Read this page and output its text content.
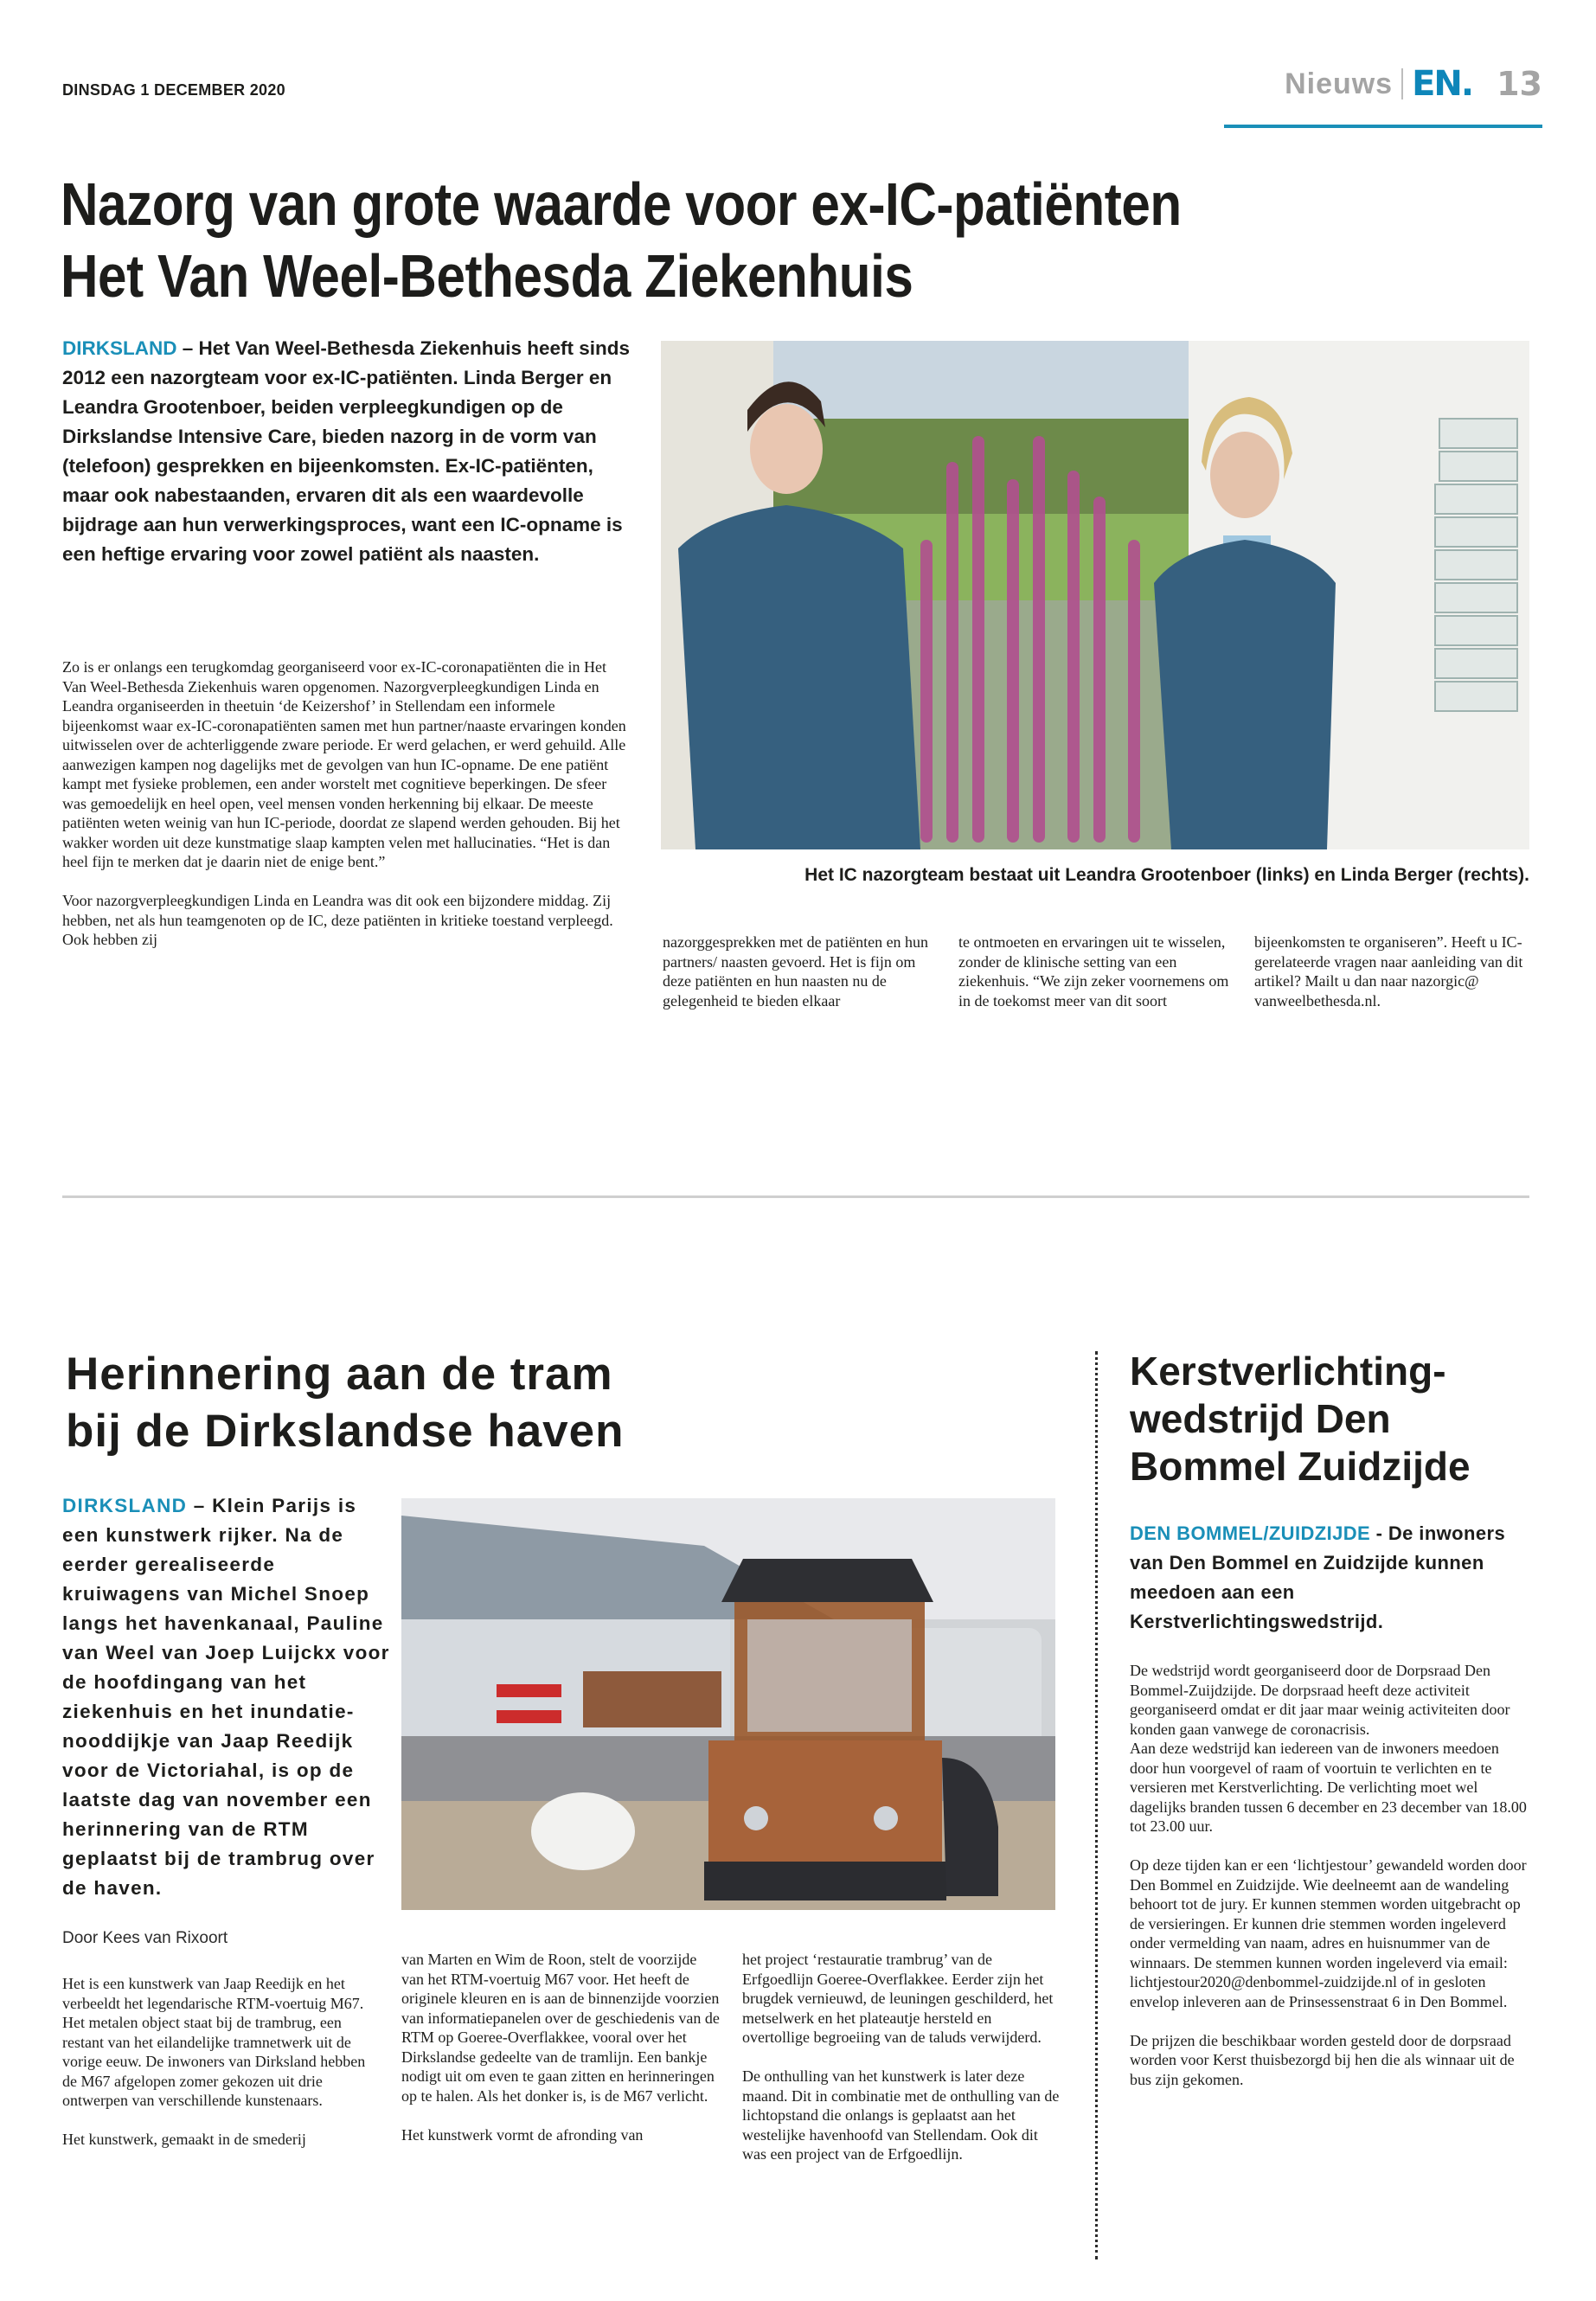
DINSDAG 1 DECEMBER 2020	Nieuws EN. 13
Nazorg van grote waarde voor ex-IC-patiënten
Het Van Weel-Bethesda Ziekenhuis
DIRKSLAND – Het Van Weel-Bethesda Ziekenhuis heeft sinds 2012 een nazorgteam voor ex-IC-patiënten. Linda Berger en Leandra Grootenboer, beiden verpleegkundigen op de Dirkslandse Intensive Care, bieden nazorg in de vorm van (telefoon) gesprekken en bijeenkomsten. Ex-IC-patiënten, maar ook nabestaanden, ervaren dit als een waardevolle bijdrage aan hun verwerkingsproces, want een IC-opname is een heftige ervaring voor zowel patiënt als naasten.
Het IC nazorgteam bestaat uit Leandra Grootenboer (links) en Linda Berger (rechts).

Zo is er onlangs een terugkomdag georganiseerd voor ex-IC-coronapatiënten die in Het Van Weel-Bethesda Ziekenhuis waren opgenomen. Nazorgverpleegkundigen Linda en Leandra organiseerden in theetuin ‘de Keizershof’ in Stellendam een informele bijeenkomst waar ex-IC-coronapatiënten samen met hun partner/naaste ervaringen konden uitwisselen over de achterliggende zware periode. Er werd gelachen, er werd gehuild. Alle aanwezigen kampen nog dagelijks met de gevolgen van hun IC-opname. De ene patiënt kampt met fysieke problemen, een ander worstelt met cognitieve beperkingen. De sfeer was gemoedelijk en heel open, veel mensen vonden herkenning bij elkaar. De meeste patiënten weten weinig van hun IC-periode, doordat ze slapend werden gehouden. Bij het wakker worden uit deze kunstmatige slaap kampten velen met hallucinaties. “Het is dan heel fijn te merken dat je daarin niet de enige bent.”

Voor nazorgverpleegkundigen Linda en Leandra was dit ook een bijzondere middag. Zij hebben, net als hun teamgenoten op de IC, deze patiënten in kritieke toestand verpleegd. Ook hebben zij	nazorggesprekken met de patiënten en hun partners/ naasten gevoerd. Het is fijn om deze patiënten en hun naasten nu de gelegenheid te bieden elkaar
te ontmoeten en ervaringen uit te wisselen, zonder de klinische setting van een ziekenhuis. “We zijn zeker voornemens om in de toekomst meer van dit soort
bijeenkomsten te organiseren”. Heeft u IC-gerelateerde vragen naar aanleiding van dit artikel? Mailt u dan naar nazorgic@ vanweelbethesda.nl.
Herinnering aan de tram
bij de Dirkslandse haven
DIRKSLAND – Klein Parijs is een kunstwerk rijker. Na de eerder gerealiseerde kruiwagens van Michel Snoep langs het havenkanaal, Pauline van Weel van Joep Luijckx voor de hoofdingang van het ziekenhuis en het inundatie-nooddijkje van Jaap Reedijk voor de Victoriahal, is op de laatste dag van november een herinnering van de RTM geplaatst bij de trambrug over de haven.
Door Kees van Rixoort

Het is een kunstwerk van Jaap Reedijk en het verbeeldt het legendarische RTM-voertuig M67. Het metalen object staat bij de trambrug, een restant van het eilandelijke tramnetwerk uit de vorige eeuw. De inwoners van Dirksland hebben de M67 afgelopen zomer gekozen uit drie ontwerpen van verschillende kunstenaars.

Het kunstwerk, gemaakt in de smederij

van Marten en Wim de Roon, stelt de voorzijde van het RTM-voertuig M67 voor. Het heeft de originele kleuren en is aan de binnenzijde voorzien van informatiepanelen over de geschiedenis van de RTM op Goeree-Overflakkee, vooral over het Dirkslandse gedeelte van de tramlijn. Een bankje nodigt uit om even te gaan zitten en herinneringen op te halen. Als het donker is, is de M67 verlicht.

Het kunstwerk vormt de afronding van

het project ‘restauratie trambrug’ van de Erfgoedlijn Goeree-Overflakkee. Eerder zijn het brugdek vernieuwd, de leuningen geschilderd, het metselwerk en het plateautje hersteld en overtollige begroeiing van de taluds verwijderd.

De onthulling van het kunstwerk is later deze maand. Dit in combinatie met de onthulling van de lichtopstand die onlangs is geplaatst aan het westelijke havenhoofd van Stellendam. Ook dit was een project van de Erfgoedlijn.

Kerstverlichting-wedstrijd Den Bommel Zuidzijde
DEN BOMMEL/ZUIDZIJDE - De inwoners van Den Bommel en Zuidzijde kunnen meedoen aan een Kerstverlichtingswedstrijd.

De wedstrijd wordt georganiseerd door de Dorpsraad Den Bommel-Zuijdzijde. De dorpsraad heeft deze activiteit georganiseerd omdat er dit jaar maar weinig activiteiten door konden gaan vanwege de coronacrisis.

Aan deze wedstrijd kan iedereen van de inwoners meedoen door hun voorgevel of raam of voortuin te verlichten en te versieren met Kerstverlichting. De verlichting moet wel dagelijks branden tussen 6 december en 23 december van 18.00 tot 23.00 uur.

Op deze tijden kan er een ‘lichtjestour’ gewandeld worden door Den Bommel en Zuidzijde. Wie deelneemt aan de wandeling behoort tot de jury. Er kunnen stemmen worden uitgebracht op de versieringen. Er kunnen drie stemmen worden ingeleverd onder vermelding van naam, adres en huisnummer van de winnaars. De stemmen kunnen worden ingeleverd via email: lichtjestour2020@denbommel-zuidzijde.nl of in gesloten envelop inleveren aan de Prinsessenstraat 6 in Den Bommel.

De prijzen die beschikbaar worden gesteld door de dorpsraad worden voor Kerst thuisbezorgd bij hen die als winnaar uit de bus zijn gekomen.
